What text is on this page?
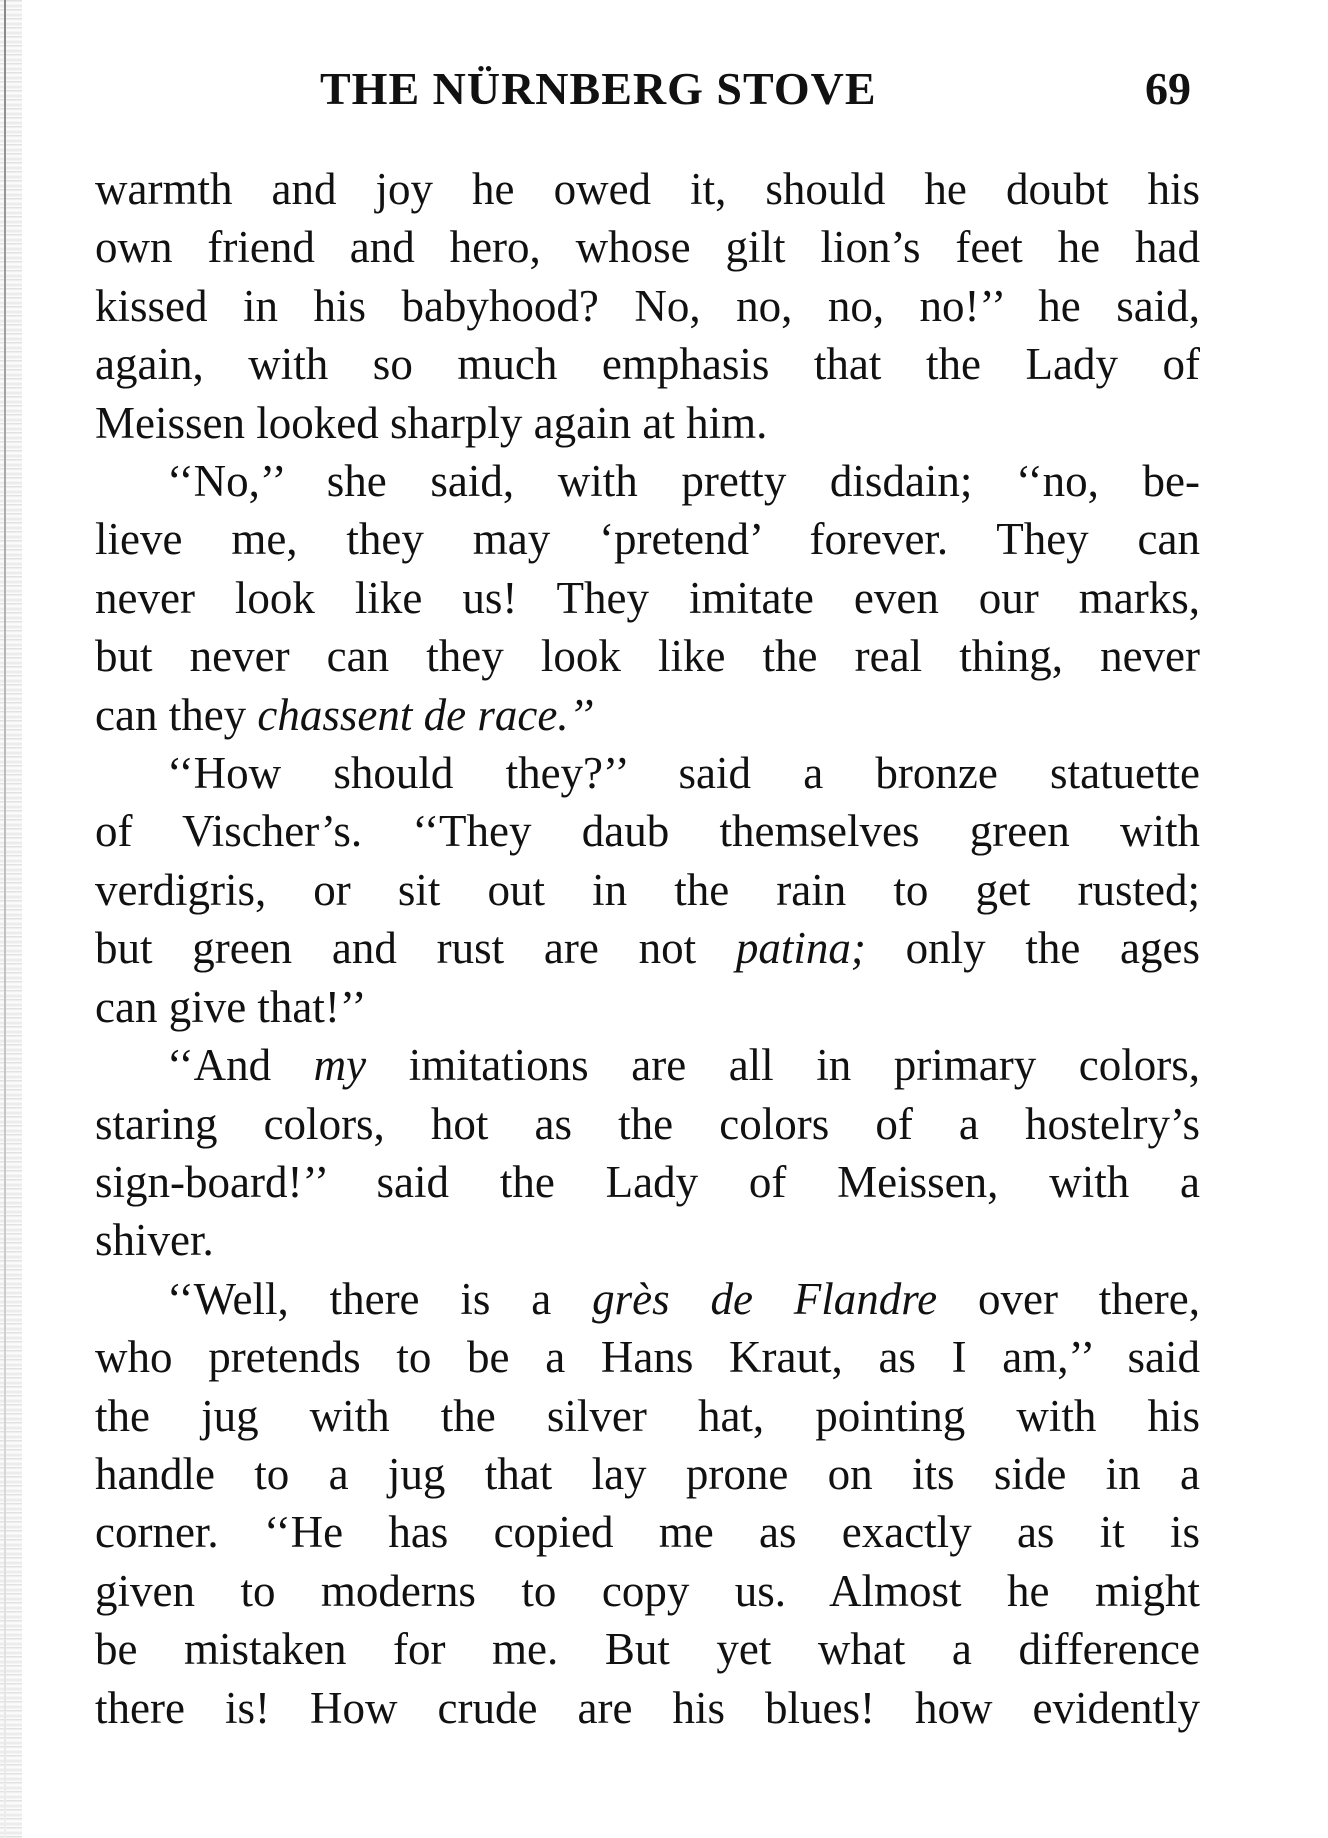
THE NÜRNBERG STOVE	69

warmth and joy he owed it, should he doubt his
own friend and hero, whose gilt lion’s feet he had
kissed in his babyhood? No, no, no, no!’’ he said,
again, with so much emphasis that the Lady of
Meissen looked sharply again at him.

‘‘No,’’ she said, with pretty disdain; ‘‘no, be-
lieve me, they may ‘pretend’ forever. They can
never look like us! They imitate even our marks,
but never can they look like the real thing, never
can they chassent de race.’’

‘‘How should they?’’ said a bronze statuette
of Vischer’s. ‘‘They daub themselves green with
verdigris, or sit out in the rain to get rusted;
but green and rust are not patina; only the ages
can give that!’’

‘‘And my imitations are all in primary colors,
staring colors, hot as the colors of a hostelry’s
sign-board!’’ said the Lady of Meissen, with a
shiver.

‘‘Well, there is a grès de Flandre over there,
who pretends to be a Hans Kraut, as I am,’’ said
the jug with the silver hat, pointing with his
handle to a jug that lay prone on its side in a
corner. ‘‘He has copied me as exactly as it is
given to moderns to copy us. Almost he might
be mistaken for me. But yet what a difference
there is! How crude are his blues! how evidently
